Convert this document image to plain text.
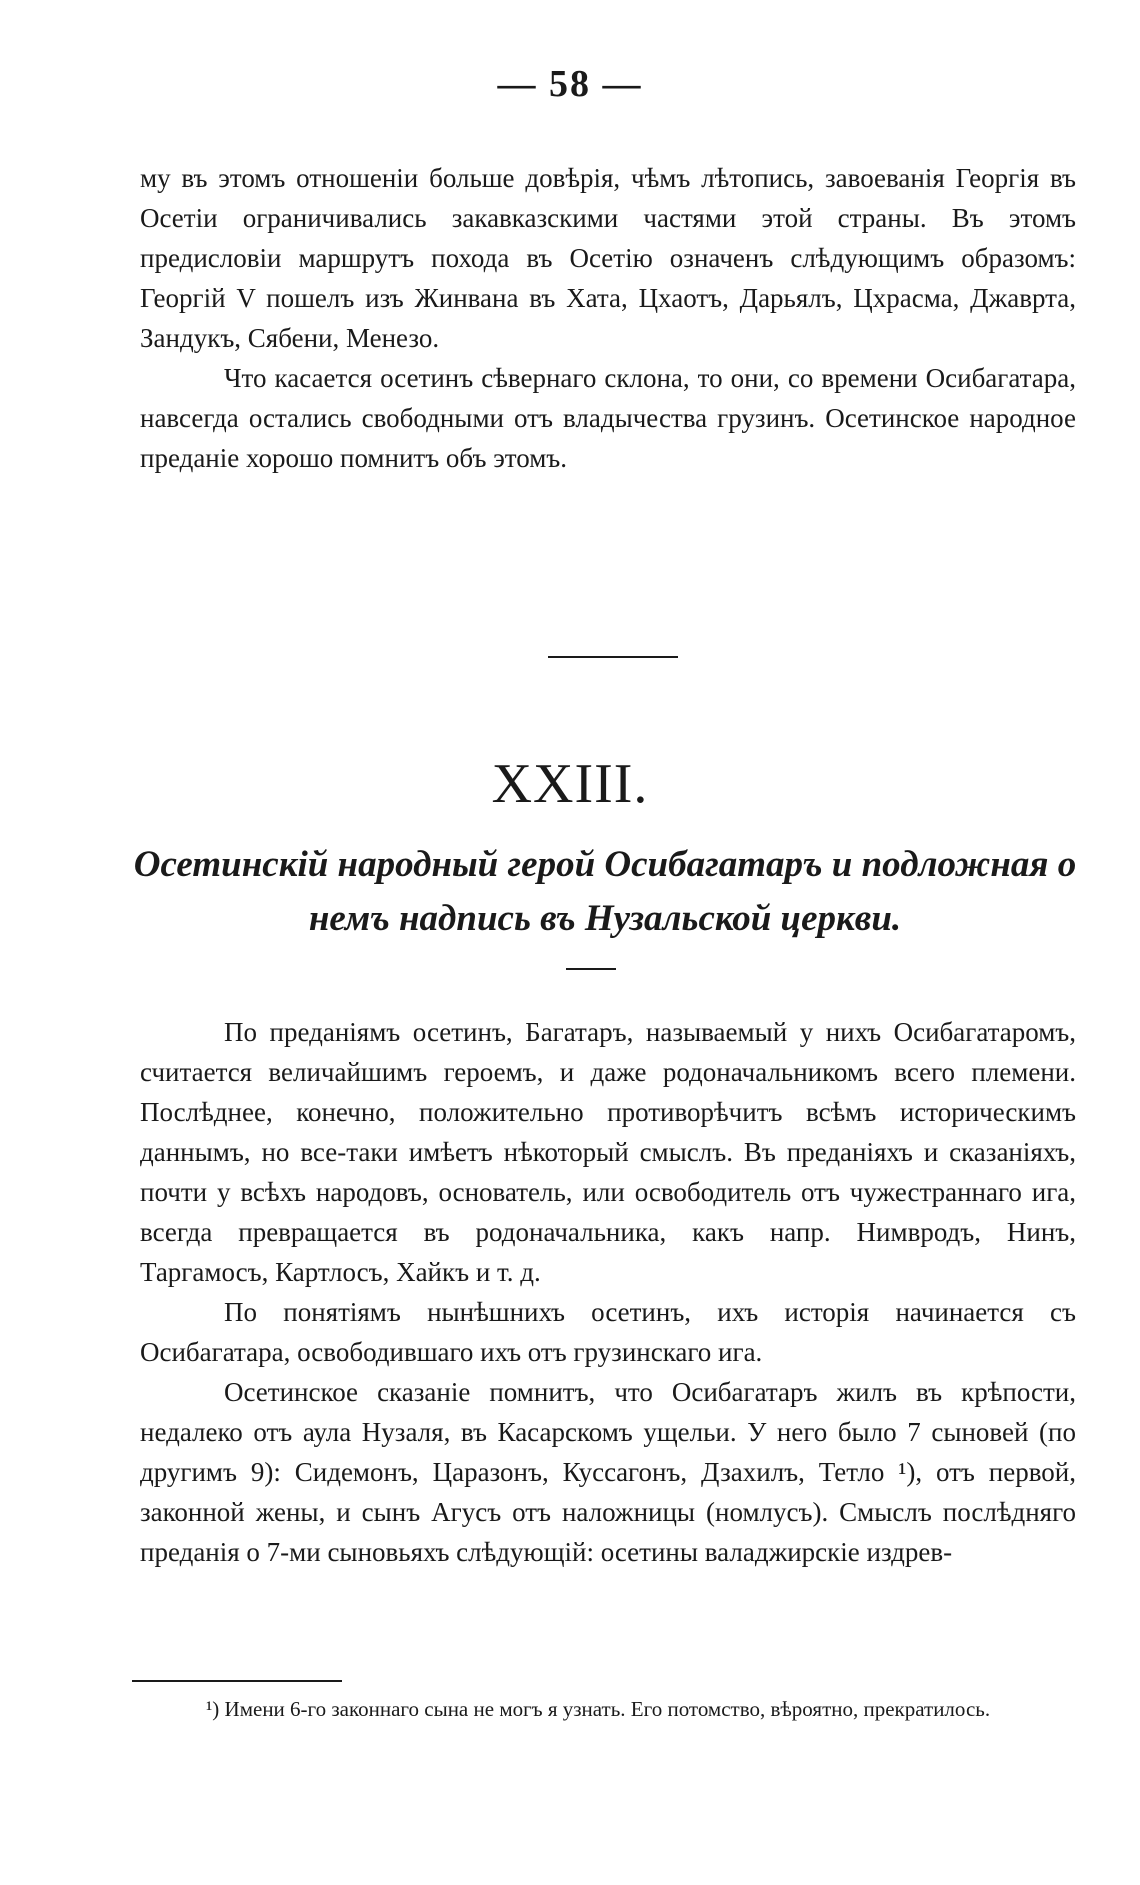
— 58 —

му въ этомъ отношеніи больше довѣрія, чѣмъ лѣтопись, завоеванія Георгія въ Осетіи ограничивались закавказскими частями этой страны. Въ этомъ предисловіи маршрутъ похода въ Осетію означенъ слѣдующимъ образомъ: Георгій V пошелъ изъ Жинвана въ Хата, Цхаотъ, Дарьялъ, Цхрасма, Джаврта, Зандукъ, Сябени, Менезо.

Что касается осетинъ сѣвернаго склона, то они, со времени Осибагатара, навсегда остались свободными отъ владычества грузинъ. Осетинское народное преданіе хорошо помнитъ объ этомъ.

XXIII.
Осетинскій народный герой Осибагатаръ и подложная о немъ надпись въ Нузальской церкви.

По преданіямъ осетинъ, Багатаръ, называемый у нихъ Осибагатаромъ, считается величайшимъ героемъ, и даже родоначальникомъ всего племени. Послѣднее, конечно, положительно противорѣчитъ всѣмъ историческимъ даннымъ, но все-таки имѣетъ нѣкоторый смыслъ. Въ преданіяхъ и сказаніяхъ, почти у всѣхъ народовъ, основатель, или освободитель отъ чужестраннаго ига, всегда превращается въ родоначальника, какъ напр. Нимвродъ, Нинъ, Таргамосъ, Картлосъ, Хайкъ и т. д.

По понятіямъ нынѣшнихъ осетинъ, ихъ исторія начинается съ Осибагатара, освободившаго ихъ отъ грузинскаго ига.

Осетинское сказаніе помнитъ, что Осибагатаръ жилъ въ крѣпости, недалеко отъ аула Нузаля, въ Касарскомъ ущельи. У него было 7 сыновей (по другимъ 9): Сидемонъ, Царазонъ, Кусcагонъ, Дзахилъ, Тетло ¹), отъ первой, законной жены, и сынъ Агусъ отъ наложницы (номлусъ). Смыслъ послѣдняго преданія о 7-ми сыновьяхъ слѣдующій: осетины валаджирскіе издрев-

¹) Имени 6-го законнаго сына не могъ я узнать. Его потомство, вѣроятно, прекратилось.
